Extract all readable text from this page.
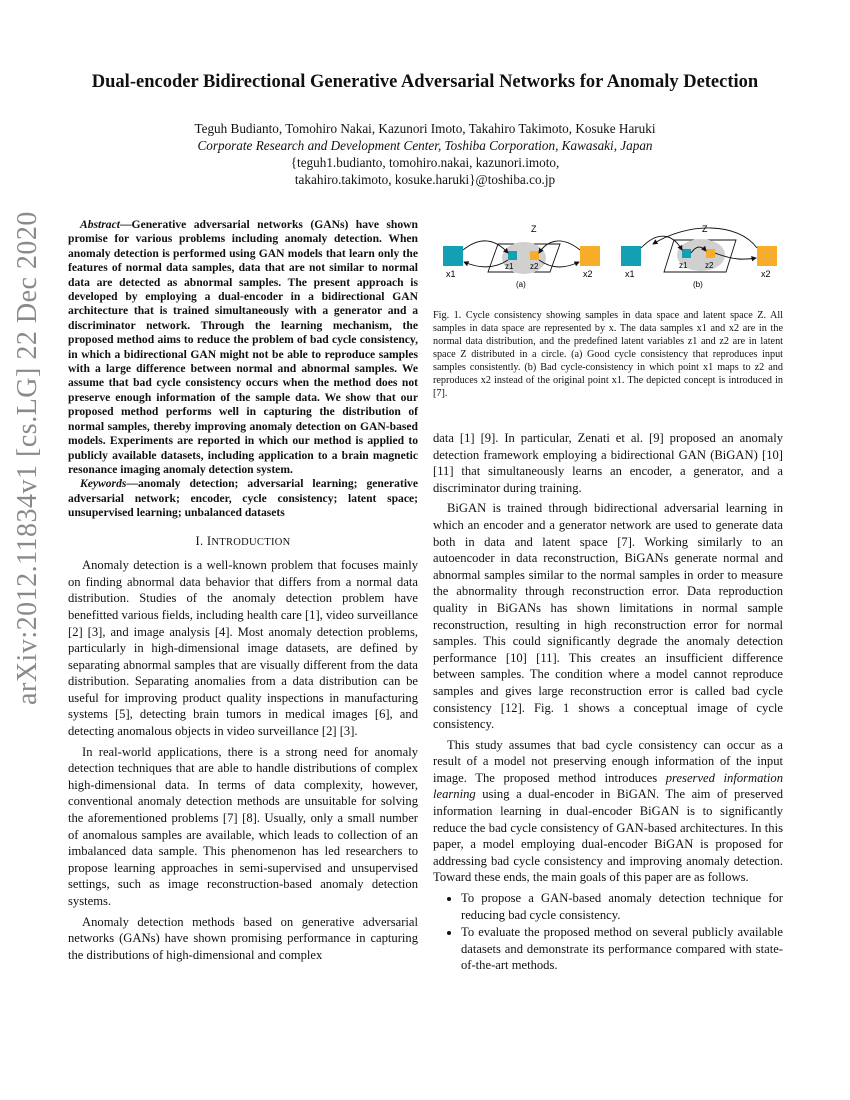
arXiv:2012.11834v1 [cs.LG] 22 Dec 2020
Dual-encoder Bidirectional Generative Adversarial Networks for Anomaly Detection
Teguh Budianto, Tomohiro Nakai, Kazunori Imoto, Takahiro Takimoto, Kosuke Haruki
Corporate Research and Development Center, Toshiba Corporation, Kawasaki, Japan
{teguh1.budianto, tomohiro.nakai, kazunori.imoto,
takahiro.takimoto, kosuke.haruki}@toshiba.co.jp

Abstract—Generative adversarial networks (GANs) have shown promise for various problems including anomaly detection. When anomaly detection is performed using GAN models that learn only the features of normal data samples, data that are not similar to normal data are detected as abnormal samples. The present approach is developed by employing a dual-encoder in a bidirectional GAN architecture that is trained simultaneously with a generator and a discriminator network. Through the learning mechanism, the proposed method aims to reduce the problem of bad cycle consistency, in which a bidirectional GAN might not be able to reproduce samples with a large difference between normal and abnormal samples. We assume that bad cycle consistency occurs when the method does not preserve enough information of the sample data. We show that our proposed method performs well in capturing the distribution of normal samples, thereby improving anomaly detection on GAN-based models. Experiments are reported in which our method is applied to publicly available datasets, including application to a brain magnetic resonance imaging anomaly detection system.

Keywords—anomaly detection; adversarial learning; generative adversarial network; encoder, cycle consistency; latent space; unsupervised learning; unbalanced datasets

I. INTRODUCTION

Anomaly detection is a well-known problem that focuses mainly on finding abnormal data behavior that differs from a normal data distribution. Studies of the anomaly detection problem have benefitted various fields, including health care [1], video surveillance [2] [3], and image analysis [4]. Most anomaly detection problems, particularly in high-dimensional image datasets, are defined by separating abnormal samples that are visually different from the data distribution. Separating anomalies from a data distribution can be useful for improving product quality inspections in manufacturing systems [5], detecting brain tumors in medical images [6], and detecting anomalous objects in video surveillance [2] [3].

In real-world applications, there is a strong need for anomaly detection techniques that are able to handle distributions of complex high-dimensional data. In terms of data complexity, however, conventional anomaly detection methods are unsuitable for solving the aforementioned problems [7] [8]. Usually, only a small number of anomalous samples are available, which leads to collection of an imbalanced data sample. This phenomenon has led researchers to propose learning approaches in semi-supervised and unsupervised settings, such as image reconstruction-based anomaly detection systems.

Anomaly detection methods based on generative adversarial networks (GANs) have shown promising performance in capturing the distributions of high-dimensional and complex

Z
x1
z1 z2
x2
(a)
Z
x1
z1 z2
x2
(b)
Fig. 1. Cycle consistency showing samples in data space and latent space Z. All samples in data space are represented by x. The data samples x1 and x2 are in the normal data distribution, and the predefined latent variables z1 and z2 are in latent space Z distributed in a circle. (a) Good cycle consistency that reproduces input samples consistently. (b) Bad cycle-consistency in which point x1 maps to z2 and reproduces x2 instead of the original point x1. The depicted concept is introduced in [7].

data [1] [9]. In particular, Zenati et al. [9] proposed an anomaly detection framework employing a bidirectional GAN (BiGAN) [10] [11] that simultaneously learns an encoder, a generator, and a discriminator during training.

BiGAN is trained through bidirectional adversarial learning in which an encoder and a generator network are used to generate data both in data and latent space [7]. Working similarly to an autoencoder in data reconstruction, BiGANs generate normal and abnormal samples similar to the normal samples in order to measure the abnormality through reconstruction error. Data reproduction quality in BiGANs has shown limitations in normal sample reconstruction, resulting in high reconstruction error for normal samples. This could significantly degrade the anomaly detection performance [10] [11]. This creates an insufficient difference between samples. The condition where a model cannot reproduce samples and gives large reconstruction error is called bad cycle consistency [12]. Fig. 1 shows a conceptual image of cycle consistency.

This study assumes that bad cycle consistency can occur as a result of a model not preserving enough information of the input image. The proposed method introduces preserved information learning using a dual-encoder in BiGAN. The aim of preserved information learning in dual-encoder BiGAN is to significantly reduce the bad cycle consistency of GAN-based architectures. In this paper, a model employing dual-encoder BiGAN is proposed for addressing bad cycle consistency and improving anomaly detection. Toward these ends, the main goals of this paper are as follows.

• To propose a GAN-based anomaly detection technique for reducing bad cycle consistency.
• To evaluate the proposed method on several publicly available datasets and demonstrate its performance compared with state-of-the-art methods.
